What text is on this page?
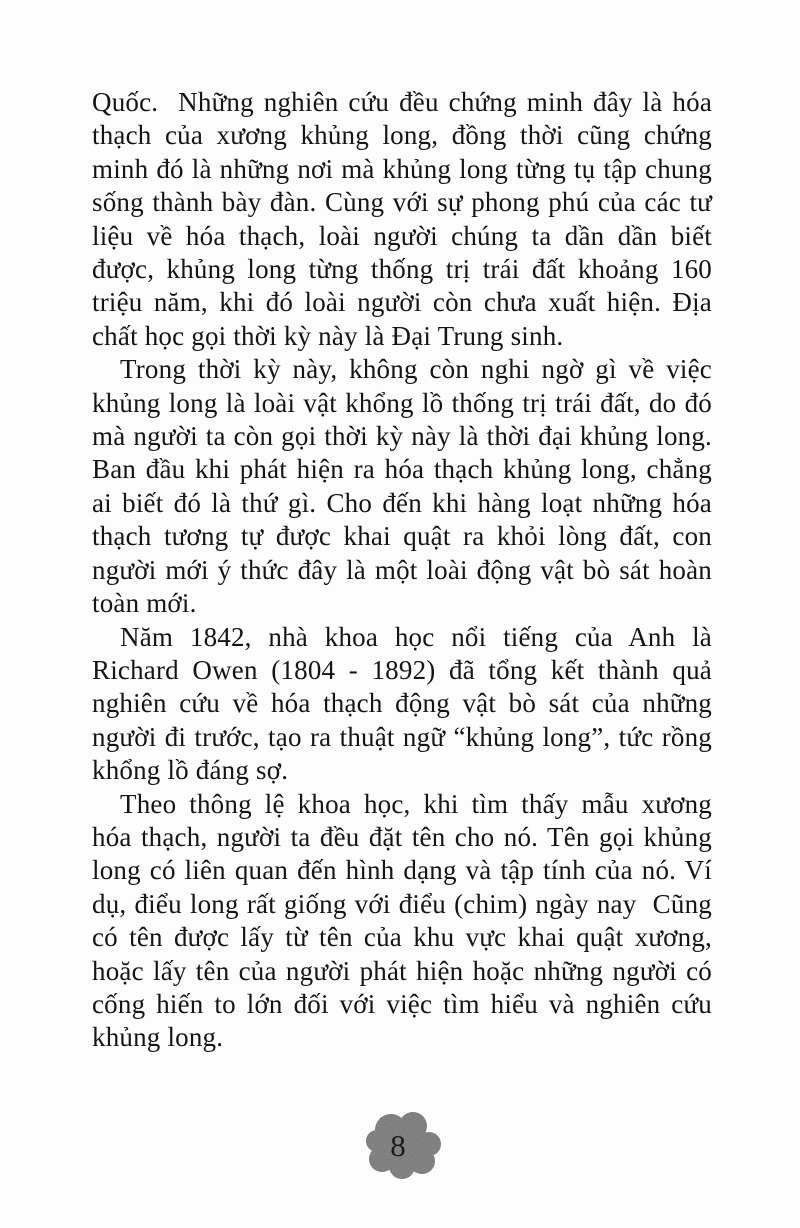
Quốc.  Những nghiên cứu đều chứng minh đây là hóa
thạch của xương khủng long, đồng thời cũng chứng
minh đó là những nơi mà khủng long từng tụ tập chung
sống thành bày đàn. Cùng với sự phong phú của các tư
liệu về hóa thạch, loài người chúng ta dần dần biết
được, khủng long từng thống trị trái đất khoảng 160
triệu năm, khi đó loài người còn chưa xuất hiện. Địa
chất học gọi thời kỳ này là Đại Trung sinh.
Trong thời kỳ này, không còn nghi ngờ gì về việc
khủng long là loài vật khổng lồ thống trị trái đất, do đó
mà người ta còn gọi thời kỳ này là thời đại khủng long.
Ban đầu khi phát hiện ra hóa thạch khủng long, chẳng
ai biết đó là thứ gì. Cho đến khi hàng loạt những hóa
thạch tương tự được khai quật ra khỏi lòng đất, con
người mới ý thức đây là một loài động vật bò sát hoàn
toàn mới.
Năm 1842, nhà khoa học nổi tiếng của Anh là
Richard Owen (1804 - 1892) đã tổng kết thành quả
nghiên cứu về hóa thạch động vật bò sát của những
người đi trước, tạo ra thuật ngữ “khủng long”, tức rồng
khổng lồ đáng sợ.
Theo thông lệ khoa học, khi tìm thấy mẫu xương
hóa thạch, người ta đều đặt tên cho nó. Tên gọi khủng
long có liên quan đến hình dạng và tập tính của nó. Ví
dụ, điểu long rất giống với điểu (chim) ngày nay  Cũng
có tên được lấy từ tên của khu vực khai quật xương,
hoặc lấy tên của người phát hiện hoặc những người có
cống hiến to lớn đối với việc tìm hiểu và nghiên cứu
khủng long.
8
